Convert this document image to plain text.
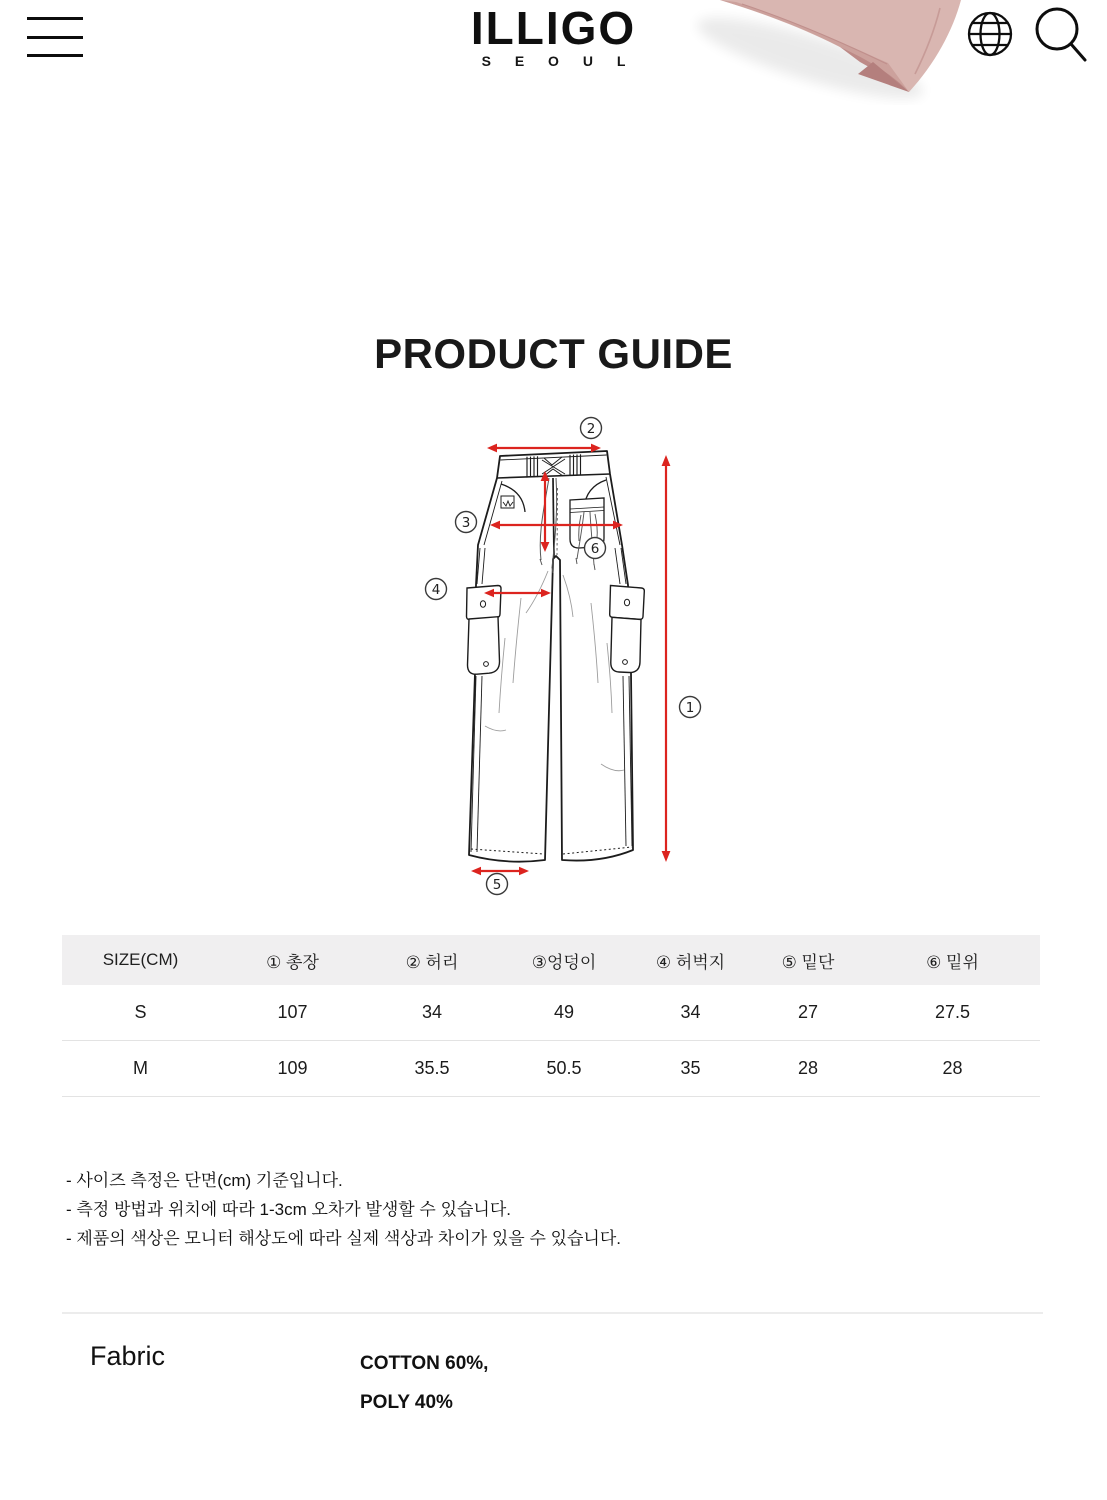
ILLIGO
S E O U L
PRODUCT GUIDE
1
2
3
4
5
6
SIZE(CM)	① 총장	② 허리	③엉덩이	④ 허벅지	⑤ 밑단	⑥ 밑위
S	107	34	49	34	27	27.5
M	109	35.5	50.5	35	28	28
- 사이즈 측정은 단면(cm) 기준입니다.
- 측정 방법과 위치에 따라 1-3cm 오차가 발생할 수 있습니다.
- 제품의 색상은 모니터 해상도에 따라 실제 색상과 차이가 있을 수 있습니다.
Fabric	COTTON 60%,
POLY 40%
